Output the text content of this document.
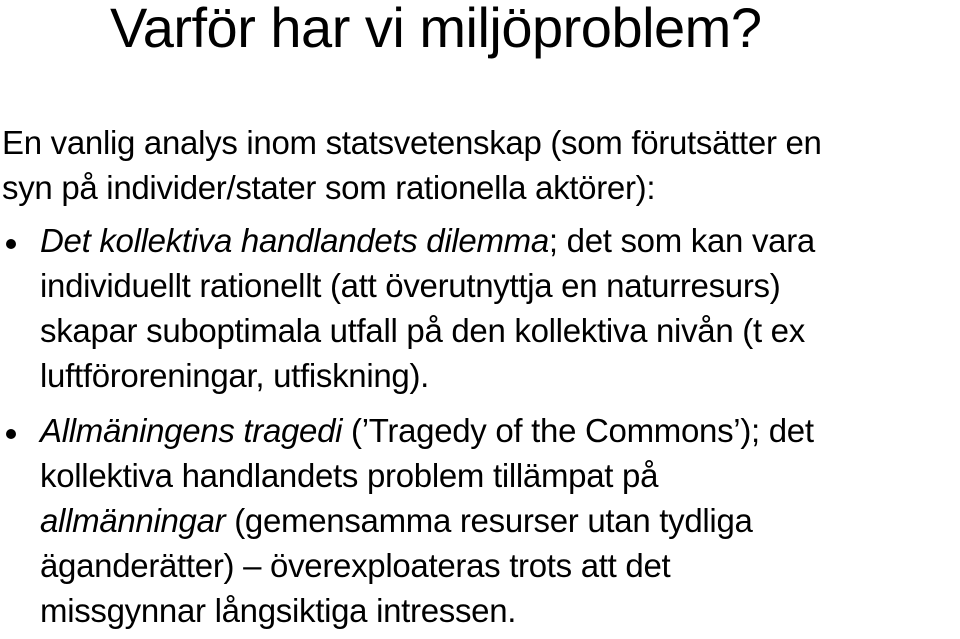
Varför har vi miljöproblem?

En vanlig analys inom statsvetenskap (som förutsätter en
syn på individer/stater som rationella aktörer):

Det kollektiva handlandets dilemma; det som kan vara
individuellt rationellt (att överutnyttja en naturresurs)
skapar suboptimala utfall på den kollektiva nivån (t ex
luftföroreningar, utfiskning).
Allmäningens tragedi (’Tragedy of the Commons’); det
kollektiva handlandets problem tillämpat på
allmänningar (gemensamma resurser utan tydliga
äganderätter) – överexploateras trots att det
missgynnar långsiktiga intressen.
